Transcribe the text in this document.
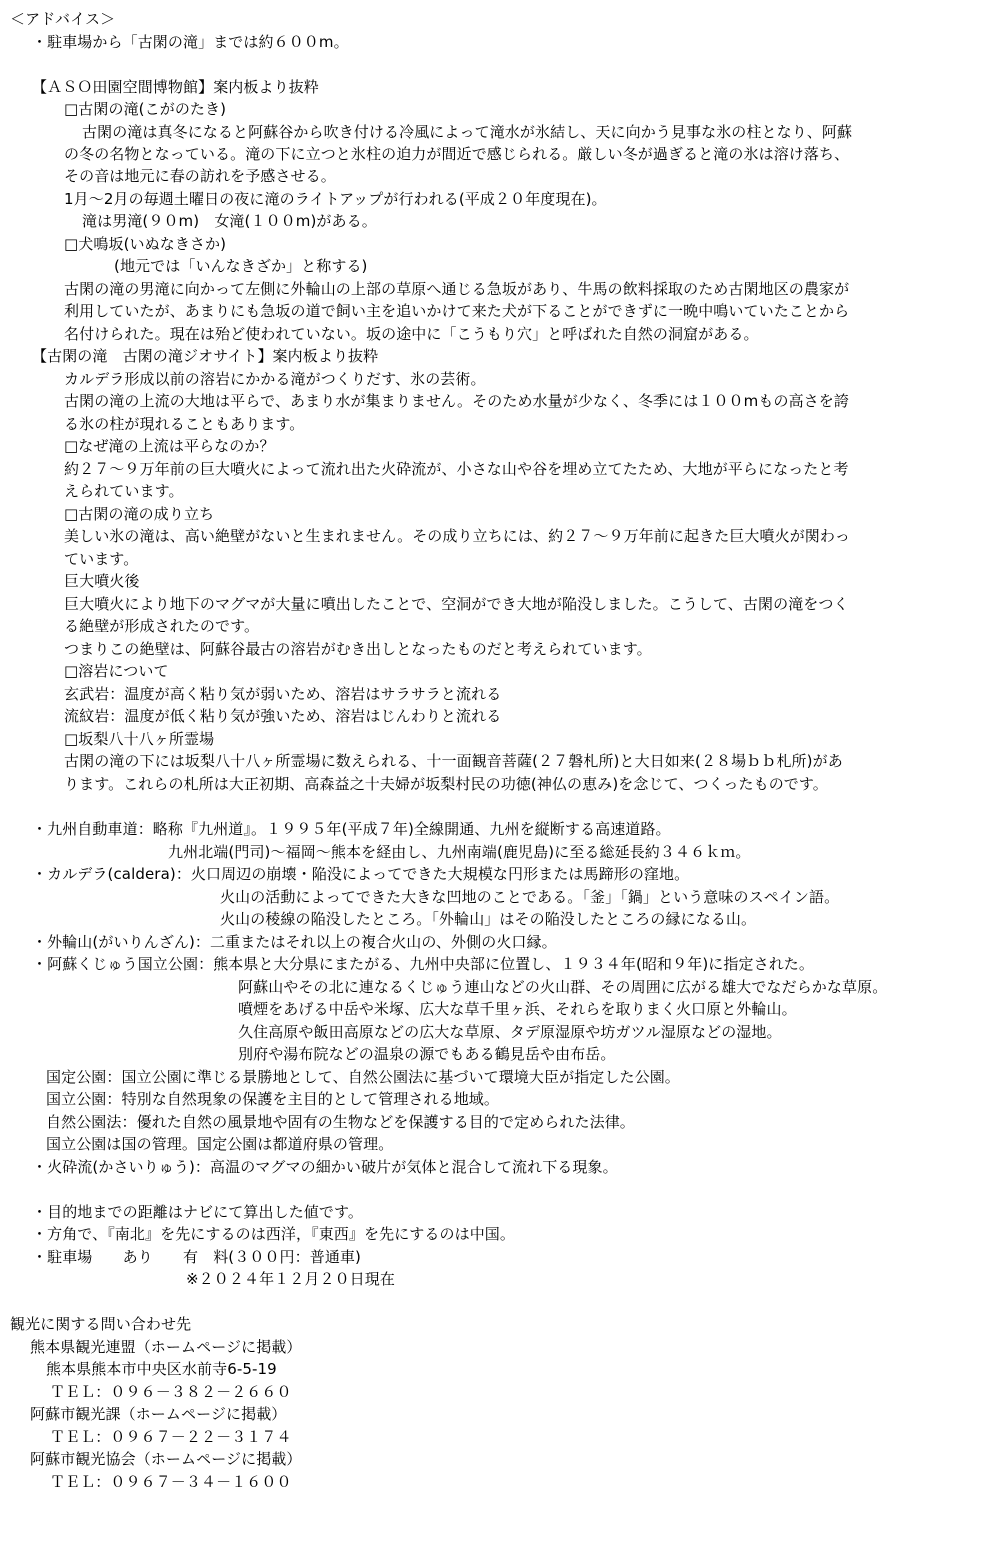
＜アドバイス＞
・駐車場から「古閑の滝」までは約６００m。
【ＡＳＯ田園空間博物館】案内板より抜粋
□古閑の滝(こがのたき)
古閑の滝は真冬になると阿蘇谷から吹き付ける冷風によって滝水が氷結し、天に向かう見事な氷の柱となり、阿蘇
の冬の名物となっている。滝の下に立つと氷柱の迫力が間近で感じられる。厳しい冬が過ぎると滝の氷は溶け落ち、
その音は地元に春の訪れを予感させる。
1月～2月の毎週土曜日の夜に滝のライトアップが行われる(平成２０年度現在)。
滝は男滝(９０m)　女滝(１００m)がある。
□犬鳴坂(いぬなきさか)
(地元では「いんなきざか」と称する)
古閑の滝の男滝に向かって左側に外輪山の上部の草原へ通じる急坂があり、牛馬の飲料採取のため古閑地区の農家が
利用していたが、あまりにも急坂の道で飼い主を追いかけて来た犬が下ることができずに一晩中鳴いていたことから
名付けられた。現在は殆ど使われていない。坂の途中に「こうもり穴」と呼ばれた自然の洞窟がある。
【古閑の滝　古閑の滝ジオサイト】案内板より抜粋
カルデラ形成以前の溶岩にかかる滝がつくりだす、氷の芸術。
古閑の滝の上流の大地は平らで、あまり水が集まりません。そのため水量が少なく、冬季には１００mもの高さを誇
る氷の柱が現れることもあります。
□なぜ滝の上流は平らなのか？
約２７～９万年前の巨大噴火によって流れ出た火砕流が、小さな山や谷を埋め立てたため、大地が平らになったと考
えられています。
□古閑の滝の成り立ち
美しい氷の滝は、高い絶壁がないと生まれません。その成り立ちには、約２７～９万年前に起きた巨大噴火が関わっ
ています。
巨大噴火後
巨大噴火により地下のマグマが大量に噴出したことで、空洞ができ大地が陥没しました。こうして、古閑の滝をつく
る絶壁が形成されたのです。
つまりこの絶壁は、阿蘇谷最古の溶岩がむき出しとなったものだと考えられています。
□溶岩について
玄武岩：温度が高く粘り気が弱いため、溶岩はサラサラと流れる
流紋岩：温度が低く粘り気が強いため、溶岩はじんわりと流れる
□坂梨八十八ヶ所霊場
古閑の滝の下には坂梨八十八ヶ所霊場に数えられる、十一面観音菩薩(２７磐札所)と大日如来(２８場ｂｂ札所)があ
ります。これらの札所は大正初期、高森益之十夫婦が坂梨村民の功徳(神仏の恵み)を念じて、つくったものです。
・九州自動車道：略称『九州道』。１９９５年(平成７年)全線開通、九州を縦断する高速道路。
九州北端(門司)～福岡～熊本を経由し、九州南端(鹿児島)に至る総延長約３４６ｋｍ。
・カルデラ(caldera)：火口周辺の崩壊・陥没によってできた大規模な円形または馬蹄形の窪地。
火山の活動によってできた大きな凹地のことである。「釜」「鍋」という意味のスペイン語。
火山の稜線の陥没したところ。「外輪山」はその陥没したところの縁になる山。
・外輪山(がいりんざん)：二重またはそれ以上の複合火山の、外側の火口縁。
・阿蘇くじゅう国立公園：熊本県と大分県にまたがる、九州中央部に位置し、１９３４年(昭和９年)に指定された。
阿蘇山やその北に連なるくじゅう連山などの火山群、その周囲に広がる雄大でなだらかな草原。
噴煙をあげる中岳や米塚、広大な草千里ヶ浜、それらを取りまく火口原と外輪山。
久住高原や飯田高原などの広大な草原、タデ原湿原や坊ガツル湿原などの湿地。
別府や湯布院などの温泉の源でもある鶴見岳や由布岳。
国定公園：国立公園に準じる景勝地として、自然公園法に基づいて環境大臣が指定した公園。
国立公園：特別な自然現象の保護を主目的として管理される地域。
自然公園法：優れた自然の風景地や固有の生物などを保護する目的で定められた法律。
国立公園は国の管理。国定公園は都道府県の管理。
・火砕流(かさいりゅう)：高温のマグマの細かい破片が気体と混合して流れ下る現象。
・目的地までの距離はナビにて算出した値です。
・方角で、『南北』を先にするのは西洋，『東西』を先にするのは中国。
・駐車場　　あり　　有　料(３００円：普通車)
※２０２４年１２月２０日現在
観光に関する問い合わせ先
熊本県観光連盟（ホームページに掲載）
熊本県熊本市中央区水前寺6-5-19
ＴＥＬ：０９６－３８２－２６６０
阿蘇市観光課（ホームページに掲載）
ＴＥＬ：０９６７－２２－３１７４
阿蘇市観光協会（ホームページに掲載）
ＴＥＬ：０９６７－３４－１６００
